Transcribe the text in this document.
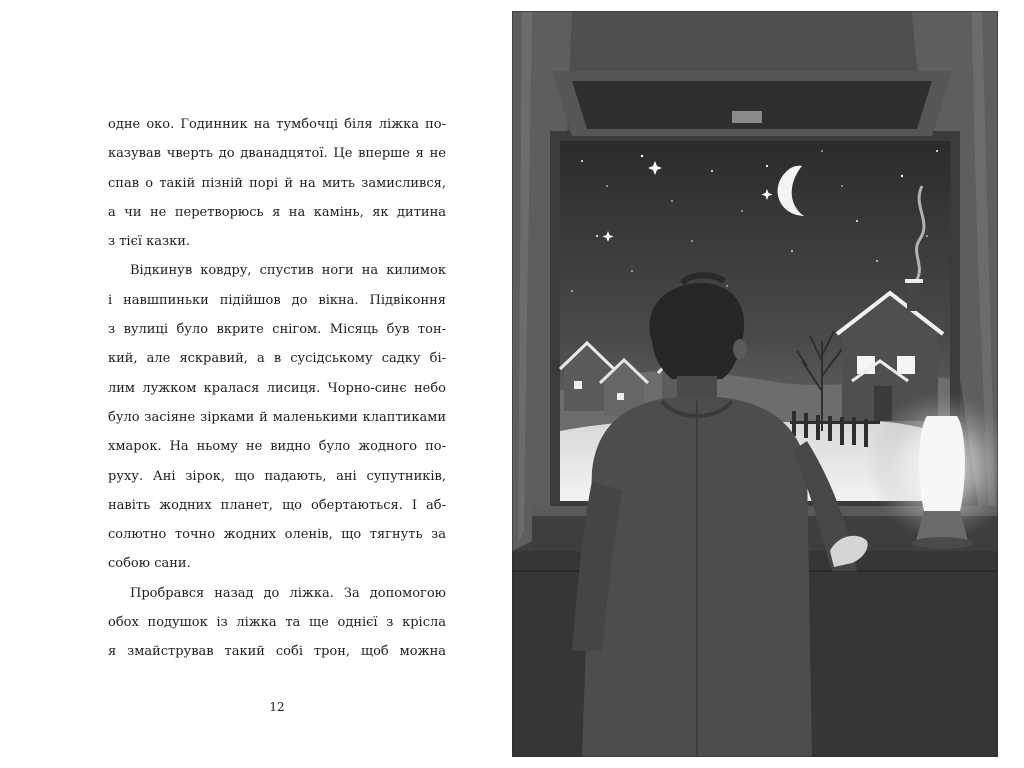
одне око. Годинник на тумбочці біля ліжка по-
казував чверть до дванадцятої. Це вперше я не
спав о такій пізній порі й на мить замислився,
а чи не перетворюсь я на камінь, як дитина
з тієї казки.

Відкинув ковдру, спустив ноги на килимок
і навшпиньки підійшов до вікна. Підвіконня
з вулиці було вкрите снігом. Місяць був тон-
кий, але яскравий, а в сусідському садку бі-
лим лужком кралася лисиця. Чорно-синє небо
було засіяне зірками й маленькими клаптиками
хмарок. На ньому не видно було жодного по-
руху. Ані зірок, що падають, ані супутників,
навіть жодних планет, що обертаються. І аб-
солютно точно жодних оленів, що тягнуть за
собою сани.

Пробрався назад до ліжка. За допомогою
обох подушок із ліжка та ще однієї з крісла
я змайстрував такий собі трон, щоб можна

12
